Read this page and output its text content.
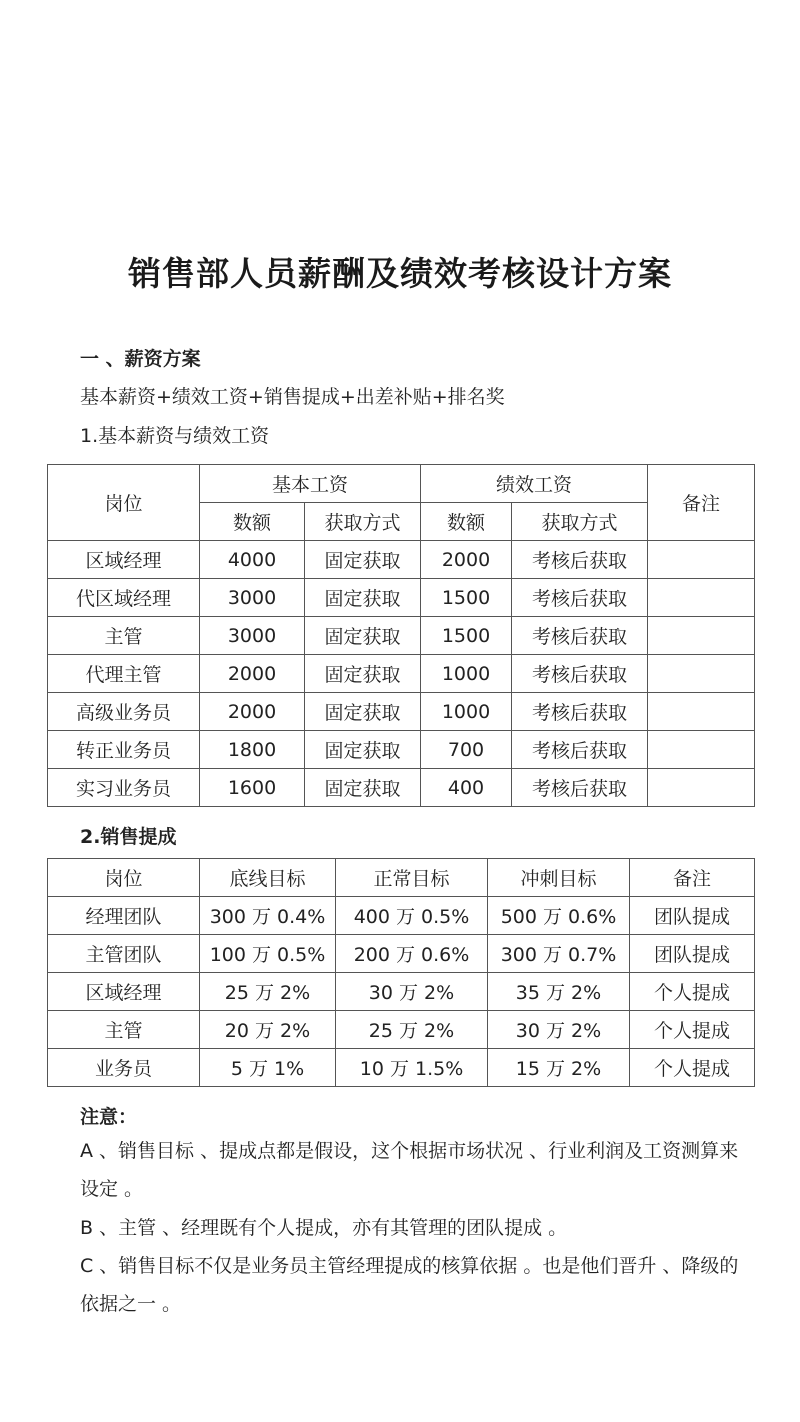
销售部人员薪酬及绩效考核设计方案
一 、薪资方案
基本薪资+绩效工资+销售提成+出差补贴+排名奖
1.基本薪资与绩效工资
岗位	基本工资		绩效工资		备注
	数额	获取方式	数额	获取方式	
区域经理	4000	固定获取	2000	考核后获取	
代区域经理	3000	固定获取	1500	考核后获取	
主管	3000	固定获取	1500	考核后获取	
代理主管	2000	固定获取	1000	考核后获取	
高级业务员	2000	固定获取	1000	考核后获取	
转正业务员	1800	固定获取	700	考核后获取	
实习业务员	1600	固定获取	400	考核后获取	
2.销售提成
岗位	底线目标	正常目标	冲刺目标	备注
经理团队	300 万 0.4%	400 万 0.5%	500 万 0.6%	团队提成
主管团队	100 万 0.5%	200 万 0.6%	300 万 0.7%	团队提成
区域经理	25 万 2%	30 万 2%	35 万 2%	个人提成
主管	20 万 2%	25 万 2%	30 万 2%	个人提成
业务员	5 万 1%	10 万 1.5%	15 万 2%	个人提成
注意：
A 、销售目标 、提成点都是假设，这个根据市场状况 、行业利润及工资测算来设定 。
B 、主管 、经理既有个人提成，亦有其管理的团队提成 。
C 、销售目标不仅是业务员主管经理提成的核算依据 。也是他们晋升 、降级的依据之一 。
